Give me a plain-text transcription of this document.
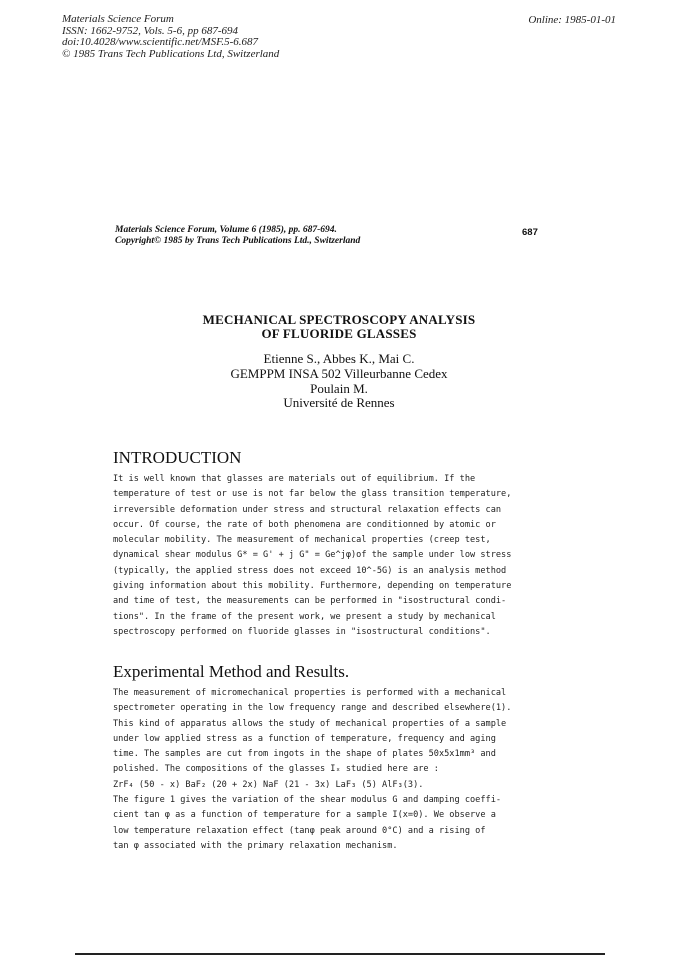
Materials Science Forum
ISSN: 1662-9752, Vols. 5-6, pp 687-694
doi:10.4028/www.scientific.net/MSF.5-6.687
© 1985 Trans Tech Publications Ltd, Switzerland
Online: 1985-01-01
Materials Science Forum, Volume 6 (1985), pp. 687-694.
Copyright© 1985 by Trans Tech Publications Ltd., Switzerland
687
MECHANICAL SPECTROSCOPY ANALYSIS
OF FLUORIDE GLASSES
Etienne S., Abbes K., Mai C.
GEMPPM INSA 502 Villeurbanne Cedex
Poulain M.
Université de Rennes
INTRODUCTION
It is well known that glasses are materials out of equilibrium. If the
temperature of test or use is not far below the glass transition temperature,
irreversible deformation under stress and structural relaxation effects can
occur. Of course, the rate of both phenomena are conditionned by atomic or
molecular mobility. The measurement of mechanical properties (creep test,
dynamical shear modulus G* = G' + j G" = Ge^jφ)of the sample under low stress
(typically, the applied stress does not exceed 10^-5G) is an analysis method
giving information about this mobility. Furthermore, depending on temperature
and time of test, the measurements can be performed in "isostructural condi-
tions". In the frame of the present work, we present a study by mechanical
spectroscopy performed on fluoride glasses in "isostructural conditions".
Experimental Method and Results.
The measurement of micromechanical properties is performed with a mechanical
spectrometer operating in the low frequency range and described elsewhere(1).
This kind of apparatus allows the study of mechanical properties of a sample
under low applied stress as a function of temperature, frequency and aging
time. The samples are cut from ingots in the shape of plates 50x5x1mm³ and
polished. The compositions of the glasses Iₓ studied here are :
ZrF₄ (50 - x) BaF₂ (20 + 2x) NaF (21 - 3x) LaF₃ (5) AlF₃(3).
The figure 1 gives the variation of the shear modulus G and damping coeffi-
cient tan φ as a function of temperature for a sample I(x=0). We observe a
low temperature relaxation effect (tanφ peak around 0°C) and a rising of
tan φ associated with the primary relaxation mechanism.
